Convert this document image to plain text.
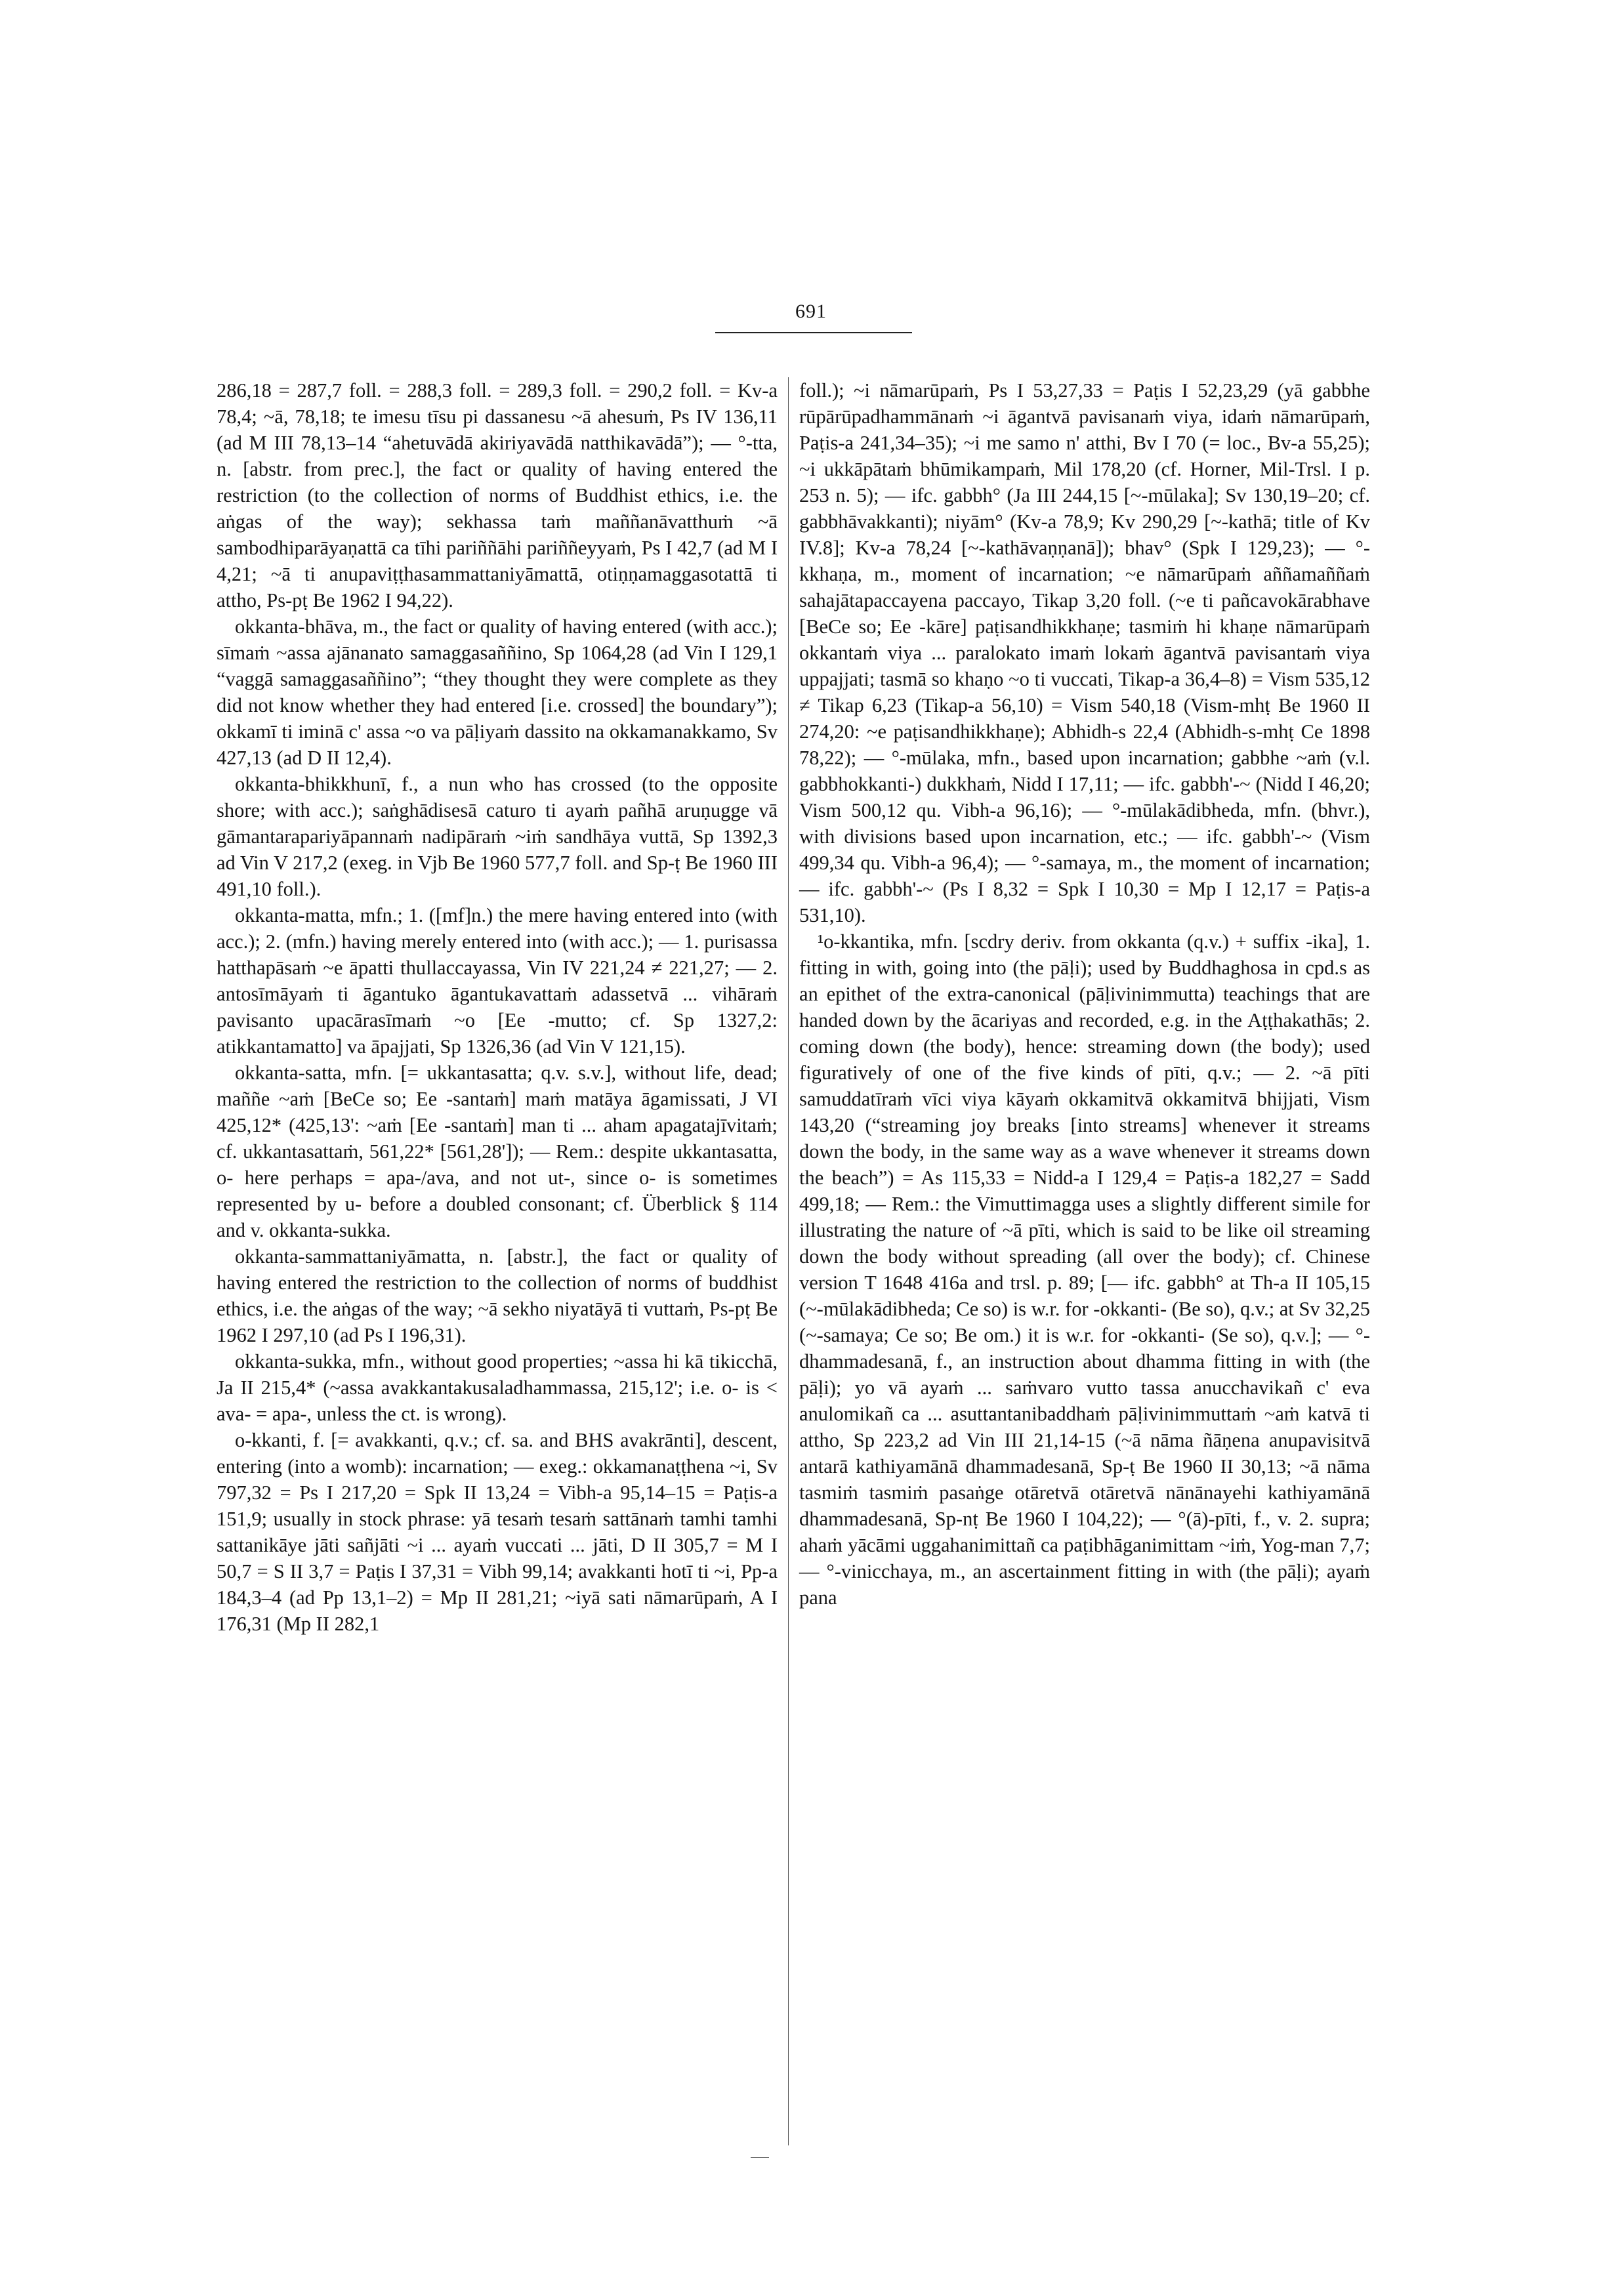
691

286,18 = 287,7 foll. = 288,3 foll. = 289,3 foll. = 290,2 foll. = Kv-a 78,4; ~ā, 78,18; te imesu tīsu pi dassanesu ~ā ahesuṁ, Ps IV 136,11 (ad M III 78,13–14 “ahetuvādā akiriyavādā natthikavādā”); — °-tta, n. [abstr. from prec.], the fact or quality of having entered the restriction (to the collection of norms of Buddhist ethics, i.e. the aṅgas of the way); sekhassa taṁ maññanāvatthuṁ ~ā sambodhiparāyaṇattā ca tīhi pariññāhi pariññeyyaṁ, Ps I 42,7 (ad M I 4,21; ~ā ti anupaviṭṭhasammattaniyāmattā, otiṇṇamaggasotattā ti attho, Ps-pṭ Be 1962 I 94,22).

okkanta-bhāva, m., the fact or quality of having entered (with acc.); sīmaṁ ~assa ajānanato samaggasaññino, Sp 1064,28 (ad Vin I 129,1 “vaggā samaggasaññino”; “they thought they were complete as they did not know whether they had entered [i.e. crossed] the boundary”); okkamī ti iminā c' assa ~o va pāḷiyaṁ dassito na okkamanakkamo, Sv 427,13 (ad D II 12,4).

okkanta-bhikkhunī, f., a nun who has crossed (to the opposite shore; with acc.); saṅghādisesā caturo ti ayaṁ pañhā aruṇugge vā gāmantarapariyāpannaṁ nadipāraṁ ~iṁ sandhāya vuttā, Sp 1392,3 ad Vin V 217,2 (exeg. in Vjb Be 1960 577,7 foll. and Sp-ṭ Be 1960 III 491,10 foll.).

okkanta-matta, mfn.; 1. ([mf]n.) the mere having entered into (with acc.); 2. (mfn.) having merely entered into (with acc.); — 1. purisassa hatthapāsaṁ ~e āpatti thullaccayassa, Vin IV 221,24 ≠ 221,27; — 2. antosīmāyaṁ ti āgantuko āgantukavattaṁ adassetvā ... vihāraṁ pavisanto upacārasīmaṁ ~o [Ee -mutto; cf. Sp 1327,2: atikkantamatto] va āpajjati, Sp 1326,36 (ad Vin V 121,15).

okkanta-satta, mfn. [= ukkantasatta; q.v. s.v.], without life, dead; maññe ~aṁ [BeCe so; Ee -santaṁ] maṁ matāya āgamissati, J VI 425,12* (425,13': ~aṁ [Ee -santaṁ] man ti ... aham apagatajīvitaṁ; cf. ukkantasattaṁ, 561,22* [561,28']); — Rem.: despite ukkantasatta, o- here perhaps = apa-/ava, and not ut-, since o- is sometimes represented by u- before a doubled consonant; cf. Überblick § 114 and v. okkanta-sukka.

okkanta-sammattaniyāmatta, n. [abstr.], the fact or quality of having entered the restriction to the collection of norms of buddhist ethics, i.e. the aṅgas of the way; ~ā sekho niyatāyā ti vuttaṁ, Ps-pṭ Be 1962 I 297,10 (ad Ps I 196,31).

okkanta-sukka, mfn., without good properties; ~assa hi kā tikicchā, Ja II 215,4* (~assa avakkantakusaladhammassa, 215,12'; i.e. o- is < ava- = apa-, unless the ct. is wrong).

o-kkanti, f. [= avakkanti, q.v.; cf. sa. and BHS avakrānti], descent, entering (into a womb): incarnation; — exeg.: okkamanaṭṭhena ~i, Sv 797,32 = Ps I 217,20 = Spk II 13,24 = Vibh-a 95,14–15 = Paṭis-a 151,9; usually in stock phrase: yā tesaṁ tesaṁ sattānaṁ tamhi tamhi sattanikāye jāti sañjāti ~i ... ayaṁ vuccati ... jāti, D II 305,7 = M I 50,7 = S II 3,7 = Paṭis I 37,31 = Vibh 99,14; avakkanti hotī ti ~i, Pp-a 184,3–4 (ad Pp 13,1–2) = Mp II 281,21; ~iyā sati nāmarūpaṁ, A I 176,31 (Mp II 282,1

foll.); ~i nāmarūpaṁ, Ps I 53,27,33 = Paṭis I 52,23,29 (yā gabbhe rūpārūpadhammānaṁ ~i āgantvā pavisanaṁ viya, idaṁ nāmarūpaṁ, Paṭis-a 241,34–35); ~i me samo n' atthi, Bv I 70 (= loc., Bv-a 55,25); ~i ukkāpātaṁ bhūmikampaṁ, Mil 178,20 (cf. Horner, Mil-Trsl. I p. 253 n. 5); — ifc. gabbh° (Ja III 244,15 [~-mūlaka]; Sv 130,19–20; cf. gabbhāvakkanti); niyām° (Kv-a 78,9; Kv 290,29 [~-kathā; title of Kv IV.8]; Kv-a 78,24 [~-kathāvaṇṇanā]); bhav° (Spk I 129,23); — °-kkhaṇa, m., moment of incarnation; ~e nāmarūpaṁ aññamaññaṁ sahajātapaccayena paccayo, Tikap 3,20 foll. (~e ti pañcavokārabhave [BeCe so; Ee -kāre] paṭisandhikkhaṇe; tasmiṁ hi khaṇe nāmarūpaṁ okkantaṁ viya ... paralokato imaṁ lokaṁ āgantvā pavisantaṁ viya uppajjati; tasmā so khaṇo ~o ti vuccati, Tikap-a 36,4–8) = Vism 535,12 ≠ Tikap 6,23 (Tikap-a 56,10) = Vism 540,18 (Vism-mhṭ Be 1960 II 274,20: ~e paṭisandhikkhaṇe); Abhidh-s 22,4 (Abhidh-s-mhṭ Ce 1898 78,22); — °-mūlaka, mfn., based upon incarnation; gabbhe ~aṁ (v.l. gabbhokkanti-) dukkhaṁ, Nidd I 17,11; — ifc. gabbh'-~ (Nidd I 46,20; Vism 500,12 qu. Vibh-a 96,16); — °-mūlakādibheda, mfn. (bhvr.), with divisions based upon incarnation, etc.; — ifc. gabbh'-~ (Vism 499,34 qu. Vibh-a 96,4); — °-samaya, m., the moment of incarnation; — ifc. gabbh'-~ (Ps I 8,32 = Spk I 10,30 = Mp I 12,17 = Paṭis-a 531,10).

¹o-kkantika, mfn. [scdry deriv. from okkanta (q.v.) + suffix -ika], 1. fitting in with, going into (the pāḷi); used by Buddhaghosa in cpd.s as an epithet of the extra-canonical (pāḷivinimmutta) teachings that are handed down by the ācariyas and recorded, e.g. in the Aṭṭhakathās; 2. coming down (the body), hence: streaming down (the body); used figuratively of one of the five kinds of pīti, q.v.; — 2. ~ā pīti samuddatīraṁ vīci viya kāyaṁ okkamitvā okkamitvā bhijjati, Vism 143,20 (“streaming joy breaks [into streams] whenever it streams down the body, in the same way as a wave whenever it streams down the beach”) = As 115,33 = Nidd-a I 129,4 = Paṭis-a 182,27 = Sadd 499,18; — Rem.: the Vimuttimagga uses a slightly different simile for illustrating the nature of ~ā pīti, which is said to be like oil streaming down the body without spreading (all over the body); cf. Chinese version T 1648 416a and trsl. p. 89; [— ifc. gabbh° at Th-a II 105,15 (~-mūlakādibheda; Ce so) is w.r. for -okkanti- (Be so), q.v.; at Sv 32,25 (~-samaya; Ce so; Be om.) it is w.r. for -okkanti- (Se so), q.v.]; — °-dhammadesanā, f., an instruction about dhamma fitting in with (the pāḷi); yo vā ayaṁ ... saṁvaro vutto tassa anucchavikañ c' eva anulomikañ ca ... asuttantanibaddhaṁ pāḷivinimmuttaṁ ~aṁ katvā ti attho, Sp 223,2 ad Vin III 21,14-15 (~ā nāma ñāṇena anupavisitvā antarā kathiyamānā dhammadesanā, Sp-ṭ Be 1960 II 30,13; ~ā nāma tasmiṁ tasmiṁ pasaṅge otāretvā otāretvā nānānayehi kathiyamānā dhammadesanā, Sp-nṭ Be 1960 I 104,22); — °(ā)-pīti, f., v. 2. supra; ahaṁ yācāmi uggahanimittañ ca paṭibhāganimittam ~iṁ, Yog-man 7,7; — °-vinicchaya, m., an ascertainment fitting in with (the pāḷi); ayaṁ pana
